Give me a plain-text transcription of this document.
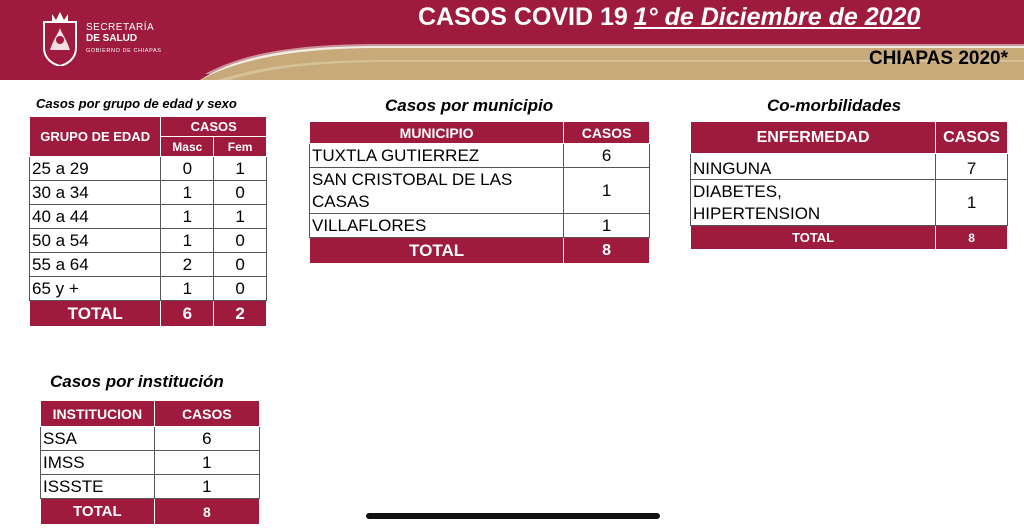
SECRETARÍA
DE SALUD
GOBIERNO DE CHIAPAS
CASOS COVID 19 1° de Diciembre de 2020
CHIAPAS 2020*
Casos por grupo de edad y sexo
GRUPO DE EDAD	CASOS	
	Masc	Fem
25 a 29	0	1
30 a 34	1	0
40 a 44	1	1
50 a 54	1	0
55 a 64	2	0
65 y +	1	0
TOTAL	6	2
Casos por municipio
MUNICIPIO	CASOS
TUXTLA GUTIERREZ	6
SAN CRISTOBAL DE LAS CASAS	1
VILLAFLORES	1
TOTAL	8
Co-morbilidades
ENFERMEDAD	CASOS
NINGUNA	7

DIABETES, HIPERTENSION	1
TOTAL	8
Casos por institución
INSTITUCION	CASOS
SSA	6
IMSS	1
ISSSTE	1
TOTAL	8
